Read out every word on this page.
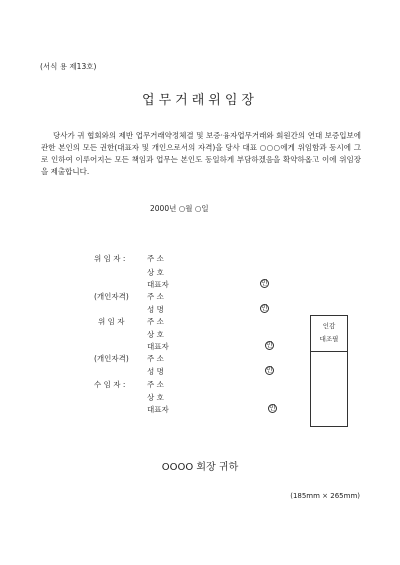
(서식 용 제13호)
업무거래위임장
당사가 귀 협회와의 제반 업무거래약정체결 및 보증·융자업무거래와 회원간의 연대 보증입보에 관한 본인의 모든 권한(대표자 및 개인으로서의 자격)을 당사 대표 ○○○에게 위임함과 동시에 그로 인하여 이루어지는 모든 책임과 업무는 본인도 동일하게 부담하겠음을 확약하옵고 이에 위임장을 제출합니다.
2000년 ○월 ○일
위 임 자 :	주 소
상 호
대표자	인
(개인자격) 주 소
성 명	인
위 임 자	주 소
상 호
대표자	인
(개인자격) 주 소
성 명	인
수 임 자 :	주 소
상 호
대표자	인
인감
대조필
OOOO 회장 귀하
(185mm × 265mm)
